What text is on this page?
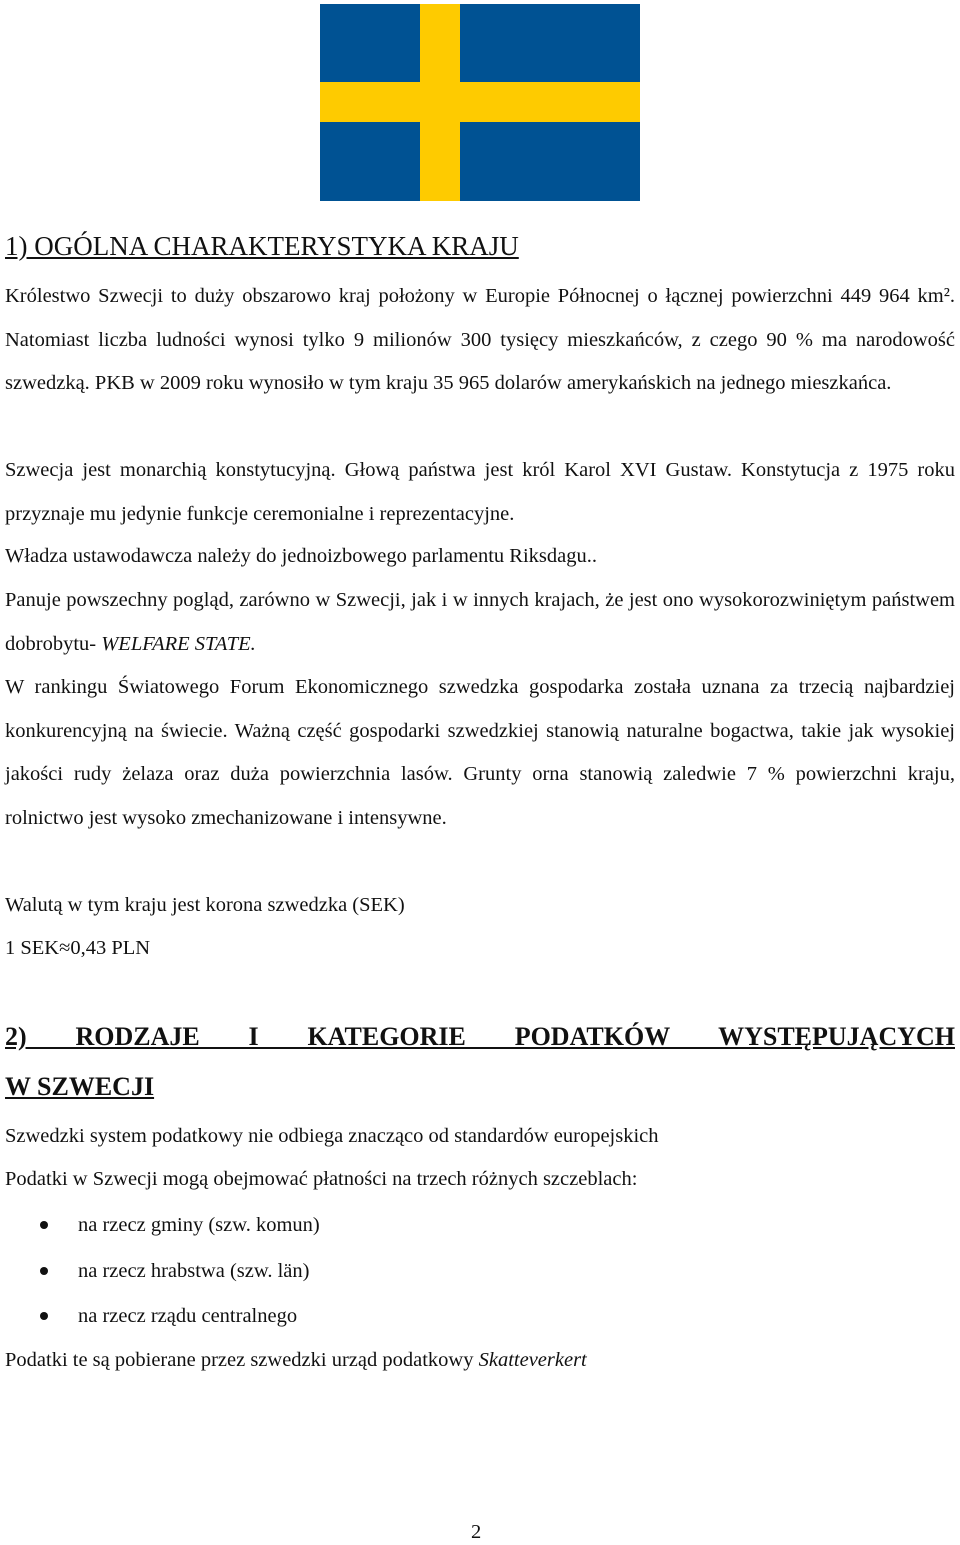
1) OGÓLNA CHARAKTERYSTYKA KRAJU

Królestwo Szwecji to duży obszarowo kraj położony w Europie Północnej o łącznej powierzchni 449 964 km². Natomiast liczba ludności wynosi tylko 9 milionów 300 tysięcy mieszkańców, z czego 90 % ma narodowość szwedzką. PKB w 2009 roku wynosiło w tym kraju 35 965 dolarów amerykańskich na jednego mieszkańca.

Szwecja jest monarchią konstytucyjną. Głową państwa jest król Karol XVI Gustaw. Konstytucja z 1975 roku przyznaje mu jedynie funkcje ceremonialne i reprezentacyjne.

Władza ustawodawcza należy do jednoizbowego parlamentu Riksdagu..

Panuje powszechny pogląd, zarówno w Szwecji, jak i w innych krajach, że jest ono wysokorozwiniętym państwem dobrobytu- WELFARE STATE.

W rankingu Światowego Forum Ekonomicznego szwedzka gospodarka została uznana za trzecią najbardziej konkurencyjną na świecie. Ważną część gospodarki szwedzkiej stanowią naturalne bogactwa, takie jak wysokiej jakości rudy żelaza oraz duża powierzchnia lasów. Grunty orna stanowią zaledwie 7 % powierzchni kraju, rolnictwo jest wysoko zmechanizowane i intensywne.

Walutą w tym kraju jest korona szwedzka (SEK)

1 SEK≈0,43 PLN

2) RODZAJE I KATEGORIE PODATKÓW WYSTĘPUJĄCYCH
W SZWECJI

Szwedzki system podatkowy nie odbiega znacząco od standardów europejskich

Podatki w Szwecji mogą obejmować płatności na trzech różnych szczeblach:

na rzecz gminy (szw. komun)
na rzecz hrabstwa (szw. län)
na rzecz rządu centralnego

Podatki te są pobierane przez szwedzki urząd podatkowy Skatteverkert

2
